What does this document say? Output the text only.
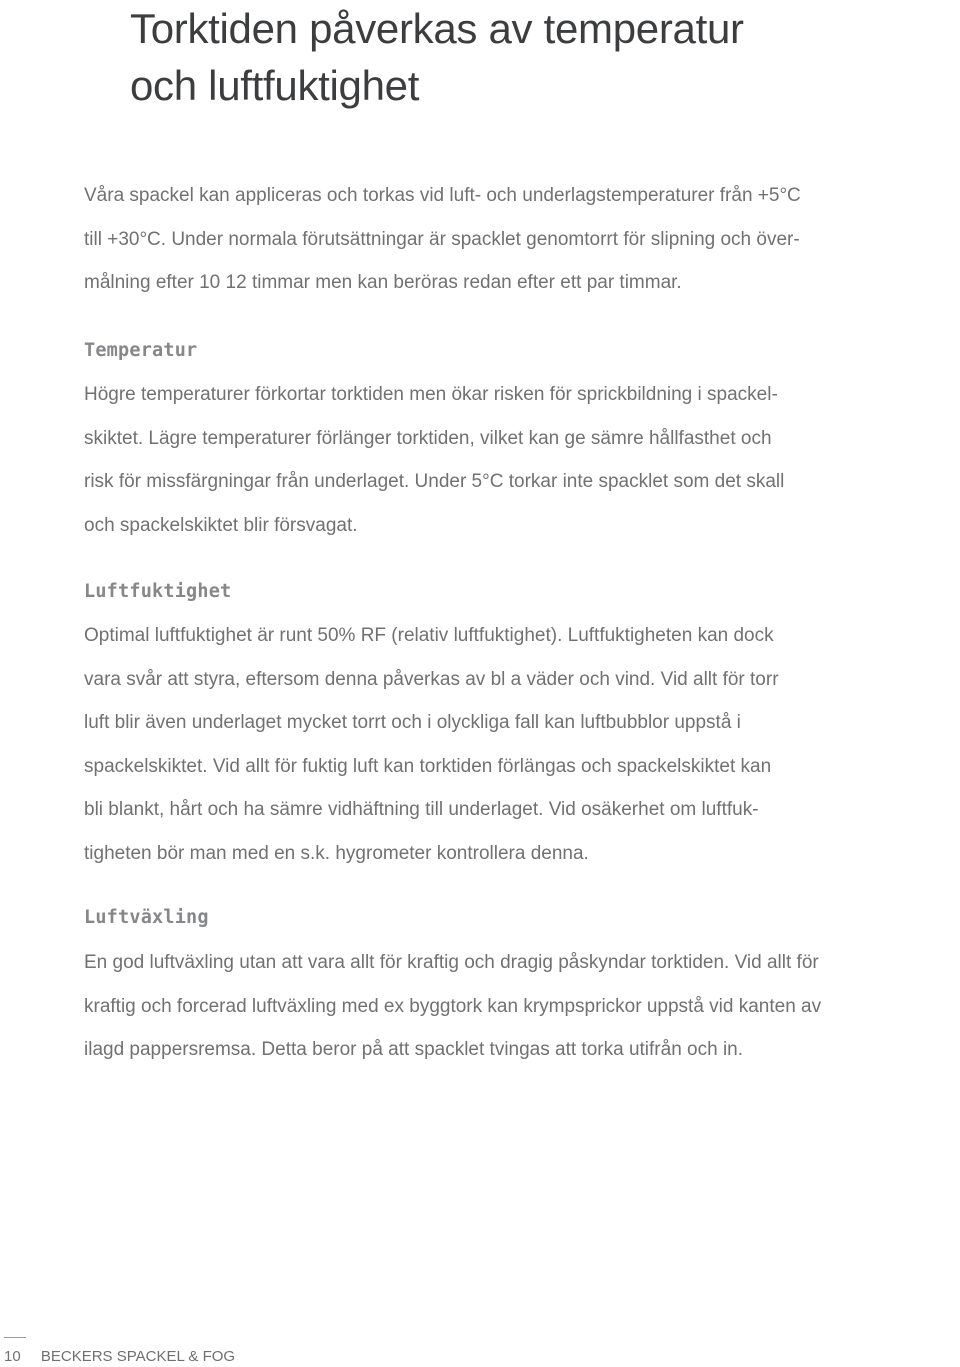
Torktiden påverkas av temperatur
och luftfuktighet
Våra spackel kan appliceras och torkas vid luft- och underlagstemperaturer från +5°C
till +30°C. Under normala förutsättningar är spacklet genomtorrt för slipning och över-
målning efter 10 12 timmar men kan beröras redan efter ett par timmar.
Temperatur
Högre temperaturer förkortar torktiden men ökar risken för sprickbildning i spackel-
skiktet. Lägre temperaturer förlänger torktiden, vilket kan ge sämre hållfasthet och
risk för missfärgningar från underlaget. Under 5°C torkar inte spacklet som det skall
och spackelskiktet blir försvagat.
Luftfuktighet
Optimal luftfuktighet är runt 50% RF (relativ luftfuktighet). Luftfuktigheten kan dock
vara svår att styra, eftersom denna påverkas av bl a väder och vind. Vid allt för torr
luft blir även underlaget mycket torrt och i olyckliga fall kan luftbubblor uppstå i
spackelskiktet. Vid allt för fuktig luft kan torktiden förlängas och spackelskiktet kan
bli blankt, hårt och ha sämre vidhäftning till underlaget. Vid osäkerhet om luftfuk-
tigheten bör man med en s.k. hygrometer kontrollera denna.
Luftväxling
En god luftväxling utan att vara allt för kraftig och dragig påskyndar torktiden. Vid allt för
kraftig och forcerad luftväxling med ex byggtork kan krympsprickor uppstå vid kanten av
ilagd pappersremsa. Detta beror på att spacklet tvingas att torka utifrån och in.
10 BECKERS SPACKEL & FOG
